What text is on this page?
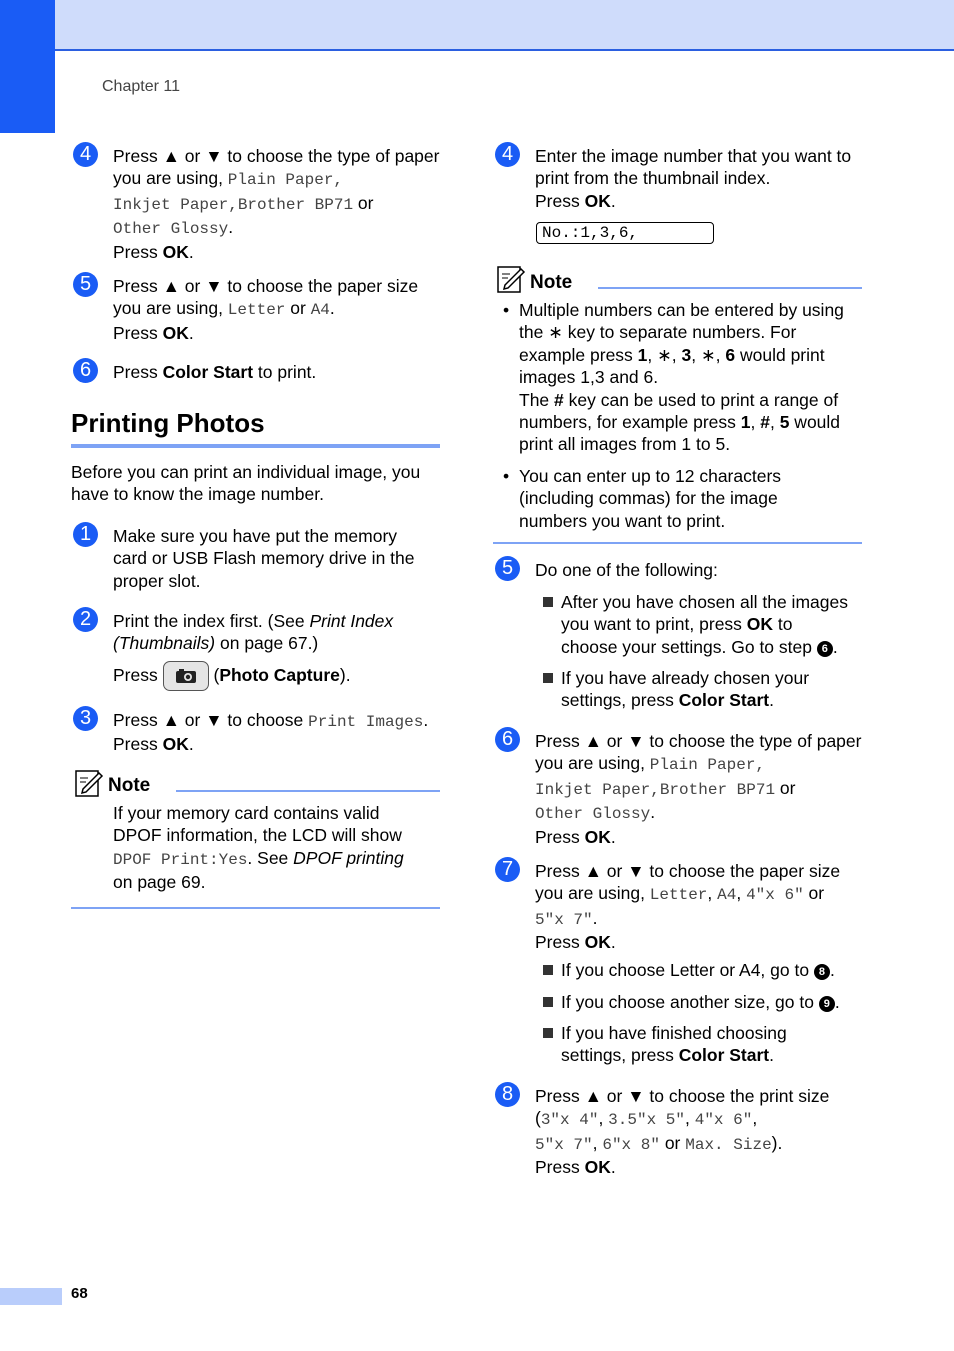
Chapter 11
68
4	Press ▲ or ▼ to choose the type of paper
you are using, Plain Paper,
Inkjet Paper,Brother BP71 or
Other Glossy.
Press OK.
5	Press ▲ or ▼ to choose the paper size
you are using, Letter or A4.
Press OK.
6	Press Color Start to print.
Printing Photos
Before you can print an individual image, you
have to know the image number.
1	Make sure you have put the memory
card or USB Flash memory drive in the
proper slot.
2	Print the index first. (See Print Index
(Thumbnails) on page 67.)
Press	(Photo Capture).
3	Press ▲ or ▼ to choose Print Images.
Press OK.
Note
If your memory card contains valid
DPOF information, the LCD will show
DPOF Print:Yes. See DPOF printing
on page 69.
4	Enter the image number that you want to
print from the thumbnail index.
Press OK.
No.:1,3,6,
Note
• Multiple numbers can be entered by using
the ∗ key to separate numbers. For
example press 1, ∗, 3, ∗, 6 would print
images 1,3 and 6.
The # key can be used to print a range of
numbers, for example press 1, #, 5 would
print all images from 1 to 5.
• You can enter up to 12 characters
(including commas) for the image
numbers you want to print.
5	Do one of the following:
After you have chosen all the images
you want to print, press OK to
choose your settings. Go to step 6 .
If you have already chosen your
settings, press Color Start.
6	Press ▲ or ▼ to choose the type of paper
you are using, Plain Paper,
Inkjet Paper,Brother BP71 or
Other Glossy.
Press OK.
7	Press ▲ or ▼ to choose the paper size
you are using, Letter, A4, 4"x 6" or
5"x 7".
Press OK.
If you choose Letter or A4, go to 8 .
If you choose another size, go to 9 .
If you have finished choosing
settings, press Color Start.
8	Press ▲ or ▼ to choose the print size
(3"x 4", 3.5"x 5", 4"x 6",
5"x 7", 6"x 8" or Max. Size).
Press OK.
